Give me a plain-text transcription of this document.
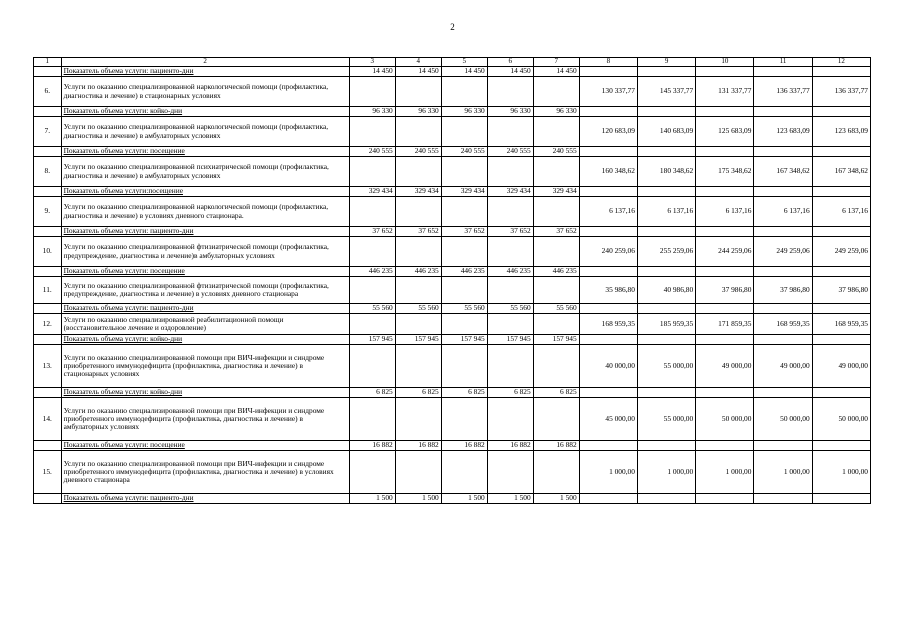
2
1	2	3	4	5	6	7	8	9	10	11	12
	Показатель объема услуги: пациенто-дни	14 450	14 450	14 450	14 450	14 450					
6.	Услуги по оказанию специализированной наркологической помощи (профилактика, диагностика и лечение) в стационарных условиях						130 337,77	145 337,77	131 337,77	136 337,77	136 337,77
	Показатель объема услуги: койко-дни	96 330	96 330	96 330	96 330	96 330					
7.	Услуги по оказанию специализированной наркологической помощи (профилактика, диагностика и лечение) в амбулаторных условиях						120 683,09	140 683,09	125 683,09	123 683,09	123 683,09
	Показатель объема услуги: посещение	240 555	240 555	240 555	240 555	240 555					
8.	Услуги по оказанию специализированной психиатрической помощи (профилактика, диагностика и лечение) в амбулаторных условиях						160 348,62	180 348,62	175 348,62	167 348,62	167 348,62
	Показатель объема услуги:посещение	329 434	329 434	329 434	329 434	329 434					
9.	Услуги по оказанию специализированной наркологической помощи (профилактика, диагностика и лечение) в условиях дневного стационара.						6 137,16	6 137,16	6 137,16	6 137,16	6 137,16
	Показатель объема услуги: пациенто-дни	37 652	37 652	37 652	37 652	37 652					
10.	Услуги по оказанию специализированной фтизиатрической помощи (профилактика, предупреждение, диагностика и лечение)в амбулаторных условиях						240 259,06	255 259,06	244 259,06	249 259,06	249 259,06
	Показатель объема услуги: посещение	446 235	446 235	446 235	446 235	446 235					
11.	Услуги по оказанию специализированной фтизиатрической помощи (профилактика, предупреждение, диагностика и лечение) в условиях дневного стационара						35 986,80	40 986,80	37 986,80	37 986,80	37 986,80
	Показатель объема услуги: пациенто-дни	55 560	55 560	55 560	55 560	55 560					
12.	Услуги по оказанию специализированной реабилитационной помощи (восстановительное лечение и оздоровление)						168 959,35	185 959,35	171 859,35	168 959,35	168 959,35
	Показатель объема услуги: койко-дни	157 945	157 945	157 945	157 945	157 945					
13.	Услуги по оказанию специализированной помощи при ВИЧ-инфекции и синдроме приобретенного иммунодефицита (профилактика, диагностика и лечение) в стационарных условиях						40 000,00	55 000,00	49 000,00	49 000,00	49 000,00
	Показатель объема услуги: койко-дни	6 825	6 825	6 825	6 825	6 825					
14.	Услуги по оказанию специализированной помощи при ВИЧ-инфекции и синдроме приобретенного иммунодефицита (профилактика, диагностика и лечение) в амбулаторных условиях						45 000,00	55 000,00	50 000,00	50 000,00	50 000,00
	Показатель объема услуги: посещение	16 882	16 882	16 882	16 882	16 882					
15.	Услуги по оказанию специализированной помощи при ВИЧ-инфекции и синдроме приобретенного иммунодефицита (профилактика, диагностика и лечение) в условиях дневного стационара						1 000,00	1 000,00	1 000,00	1 000,00	1 000,00
	Показатель объема услуги: пациенто-дни	1 500	1 500	1 500	1 500	1 500					
